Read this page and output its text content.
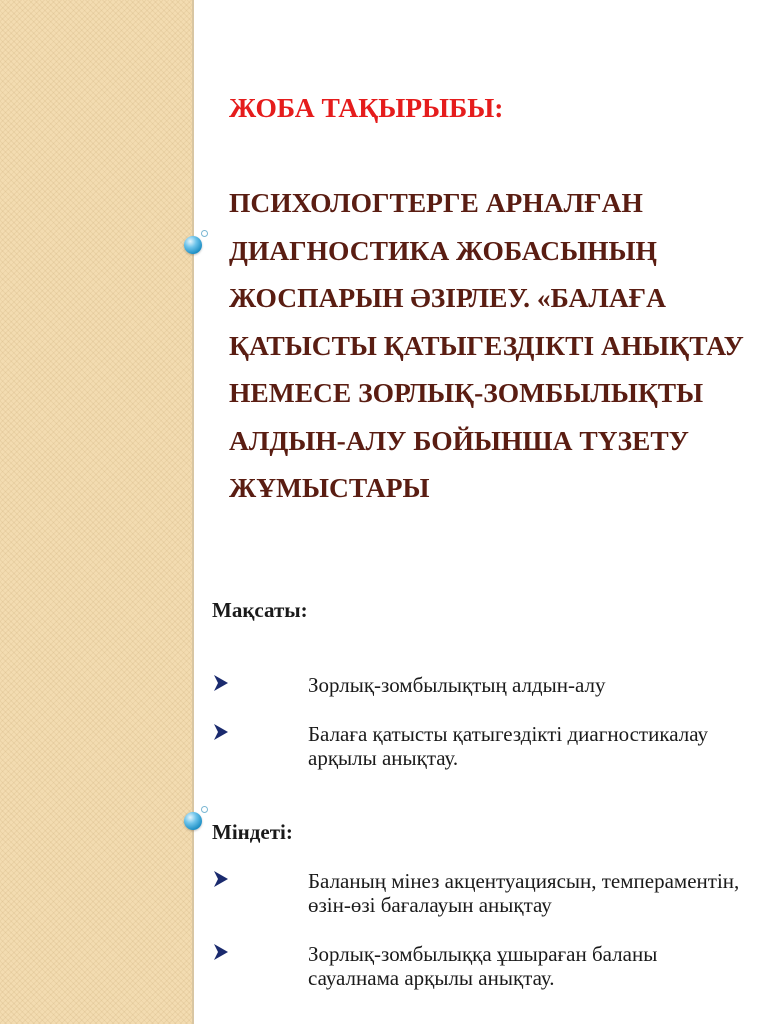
ЖОБА ТАҚЫРЫБЫ:
ПСИХОЛОГТЕРГЕ АРНАЛҒАН ДИАГНОСТИКА ЖОБАСЫНЫҢ ЖОСПАРЫН ӘЗІРЛЕУ. «БАЛАҒА ҚАТЫСТЫ ҚАТЫГЕЗДІКТІ АНЫҚТАУ НЕМЕСЕ ЗОРЛЫҚ-ЗОМБЫЛЫҚТЫ АЛДЫН-АЛУ БОЙЫНША ТҮЗЕТУ ЖҰМЫСТАРЫ
Мақсаты:
Зорлық-зомбылықтың алдын-алу
Балаға қатысты қатыгездікті диагностикалау арқылы анықтау.
Міндеті:
Баланың мінез акцентуациясын, темпераментін, өзін-өзі бағалауын анықтау
Зорлық-зомбылыққа ұшыраған баланы сауалнама арқылы анықтау.
